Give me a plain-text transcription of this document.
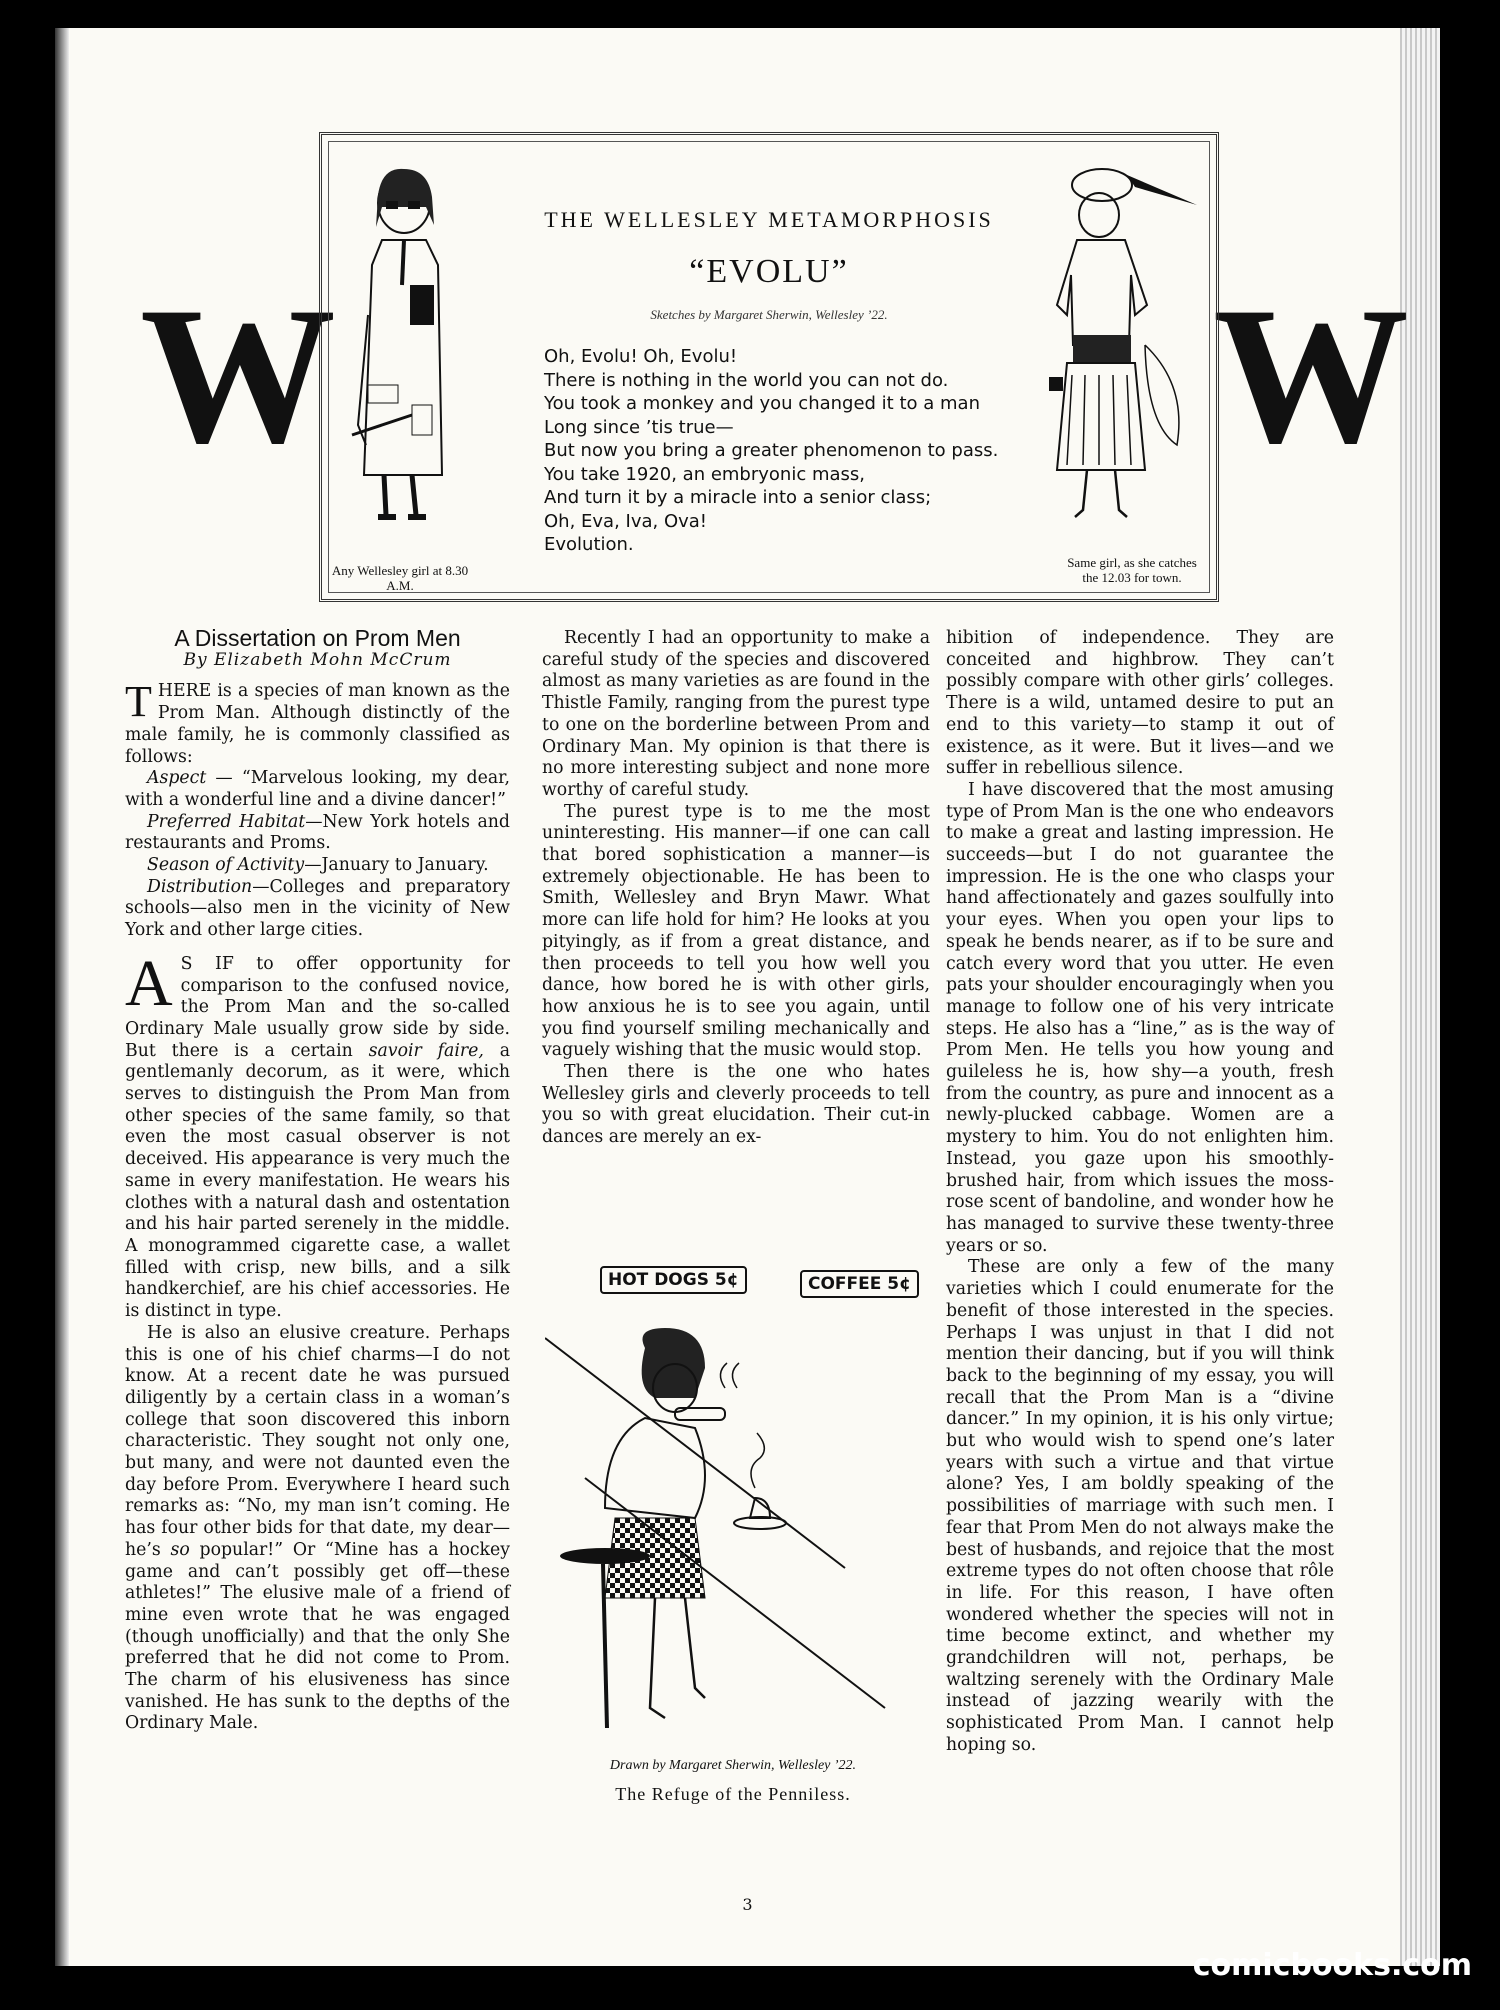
W	W
THE WELLESLEY METAMORPHOSIS
“EVOLU”
Sketches by Margaret Sherwin, Wellesley ’22.
Oh, Evolu! Oh, Evolu!
There is nothing in the world you can not do.
You took a monkey and you changed it to a man
Long since ’tis true—
But now you bring a greater phenomenon to pass.
You take 1920, an embryonic mass,
And turn it by a miracle into a senior class;
Oh, Eva, Iva, Ova!
Evolution.
Any Wellesley girl at 8.30 A.M.
Same girl, as she catches the 12.03 for town.

A Dissertation on Prom Men

By Elizabeth Mohn McCrum

THERE is a species of man known as the Prom Man. Although distinctly of the male family, he is commonly classified as follows:

Aspect — “Marvelous looking, my dear, with a wonderful line and a divine dancer!”

Preferred Habitat—New York hotels and restaurants and Proms.

Season of Activity—January to January.

Distribution—Colleges and preparatory schools—also men in the vicinity of New York and other large cities.

A S IF to offer opportunity for comparison to the confused novice, the Prom Man and the so-called Ordinary Male usually grow side by side. But there is a certain savoir faire, a gentlemanly decorum, as it were, which serves to distinguish the Prom Man from other species of the same family, so that even the most casual observer is not deceived. His appearance is very much the same in every manifestation. He wears his clothes with a natural dash and ostentation and his hair parted serenely in the middle. A monogrammed cigarette case, a wallet filled with crisp, new bills, and a silk handkerchief, are his chief accessories. He is distinct in type.

He is also an elusive creature. Perhaps this is one of his chief charms—I do not know. At a recent date he was pursued diligently by a certain class in a woman’s college that soon discovered this inborn characteristic. They sought not only one, but many, and were not daunted even the day before Prom. Everywhere I heard such remarks as: “No, my man isn’t coming. He has four other bids for that date, my dear—he’s so popular!” Or “Mine has a hockey game and can’t possibly get off—these athletes!” The elusive male of a friend of mine even wrote that he was engaged (though unofficially) and that the only She preferred that he did not come to Prom. The charm of his elusiveness has since vanished. He has sunk to the depths of the Ordinary Male.

Recently I had an opportunity to make a careful study of the species and discovered almost as many varieties as are found in the Thistle Family, ranging from the purest type to one on the borderline between Prom and Ordinary Man. My opinion is that there is no more interesting subject and none more worthy of careful study.

The purest type is to me the most uninteresting. His manner—if one can call that bored sophistication a manner—is extremely objectionable. He has been to Smith, Wellesley and Bryn Mawr. What more can life hold for him? He looks at you pityingly, as if from a great distance, and then proceeds to tell you how well you dance, how bored he is with other girls, how anxious he is to see you again, until you find yourself smiling mechanically and vaguely wishing that the music would stop.

Then there is the one who hates Wellesley girls and cleverly proceeds to tell you so with great elucidation. Their cut-in dances are merely an ex-

HOT DOGS 5¢	COFFEE 5¢
Drawn by Margaret Sherwin, Wellesley ’22.
The Refuge of the Penniless.

hibition of independence. They are conceited and highbrow. They can’t possibly compare with other girls’ colleges. There is a wild, untamed desire to put an end to this variety—to stamp it out of existence, as it were. But it lives—and we suffer in rebellious silence.

I have discovered that the most amusing type of Prom Man is the one who endeavors to make a great and lasting impression. He succeeds—but I do not guarantee the impression. He is the one who clasps your hand affectionately and gazes soulfully into your eyes. When you open your lips to speak he bends nearer, as if to be sure and catch every word that you utter. He even pats your shoulder encouragingly when you manage to follow one of his very intricate steps. He also has a “line,” as is the way of Prom Men. He tells you how young and guileless he is, how shy—a youth, fresh from the country, as pure and innocent as a newly-plucked cabbage. Women are a mystery to him. You do not enlighten him. Instead, you gaze upon his smoothly-brushed hair, from which issues the moss-rose scent of bandoline, and wonder how he has managed to survive these twenty-three years or so.

These are only a few of the many varieties which I could enumerate for the benefit of those interested in the species. Perhaps I was unjust in that I did not mention their dancing, but if you will think back to the beginning of my essay, you will recall that the Prom Man is a “divine dancer.” In my opinion, it is his only virtue; but who would wish to spend one’s later years with such a virtue and that virtue alone? Yes, I am boldly speaking of the possibilities of marriage with such men. I fear that Prom Men do not always make the best of husbands, and rejoice that the most extreme types do not often choose that rôle in life. For this reason, I have often wondered whether the species will not in time become extinct, and whether my grandchildren will not, perhaps, be waltzing serenely with the Ordinary Male instead of jazzing wearily with the sophisticated Prom Man. I cannot help hoping so.

3
comicbooks.com
